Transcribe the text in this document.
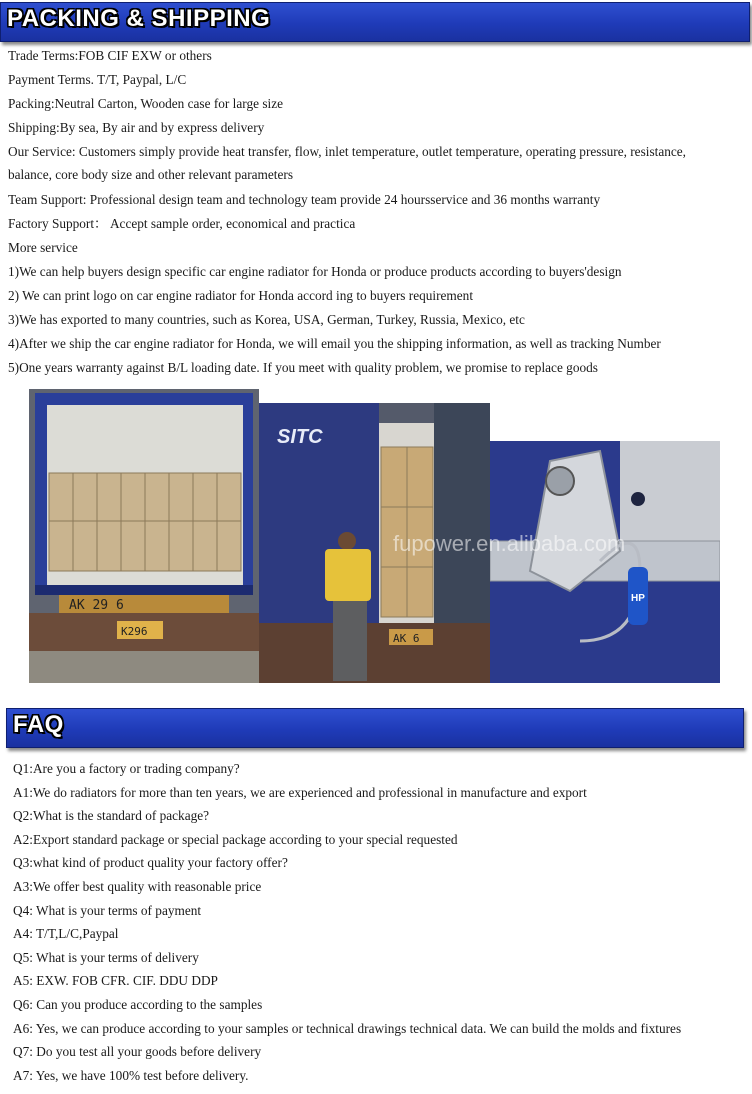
PACKING & SHIPPING
Trade Terms:FOB CIF EXW or others
Payment Terms. T/T, Paypal, L/C
Packing:Neutral Carton, Wooden case for large size
Shipping:By sea, By air and by express delivery
Our Service: Customers simply provide heat transfer, flow, inlet temperature, outlet temperature, operating pressure, resistance, balance, core body size and other relevant parameters
Team Support: Professional design team and technology team provide 24 hoursservice and 36 months warranty
Factory Support： Accept sample order, economical and practica
More service
1)We can help buyers design specific car engine radiator for Honda or produce products according to buyers'design
2) We can print logo on car engine radiator for Honda accord ing to buyers requirement
3)We has exported to many countries, such as Korea, USA, German, Turkey, Russia, Mexico, etc
4)After we ship the car engine radiator for Honda, we will email you the shipping information, as well as tracking Number
5)One years warranty against B/L loading date. If you meet with quality problem, we promise to replace goods
AK 29 6
K296
SITC
AK 6
HP
fupower.en.alibaba.com
FAQ
Q1:Are you a factory or trading company?
A1:We do radiators for more than ten years, we are experienced and professional in manufacture and export
Q2:What is the standard of package?
A2:Export standard package or special package according to your special requested
Q3:what kind of product quality your factory offer?
A3:We offer best quality with reasonable price
Q4: What is your terms of payment
A4: T/T,L/C,Paypal
Q5: What is your terms of delivery
A5: EXW. FOB CFR. CIF. DDU DDP
Q6: Can you produce according to the samples
A6: Yes, we can produce according to your samples or technical drawings technical data. We can build the molds and fixtures
Q7: Do you test all your goods before delivery
A7: Yes, we have 100% test before delivery.
